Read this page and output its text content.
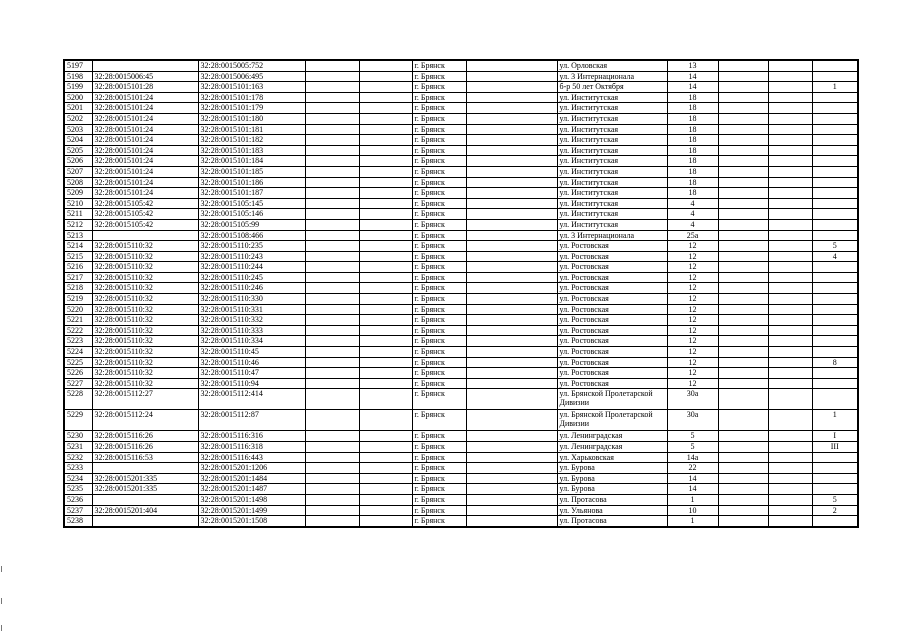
5197		32:28:0015005:752			г. Брянск		ул. Орловская	13			
5198	32:28:0015006:45	32:28:0015006:495			г. Брянск		ул. 3 Интернационала	14			
5199	32:28:0015101:28	32:28:0015101:163			г. Брянск		б-р 50 лет Октября	14			1
5200	32:28:0015101:24	32:28:0015101:178			г. Брянск		ул. Институтская	18			
5201	32:28:0015101:24	32:28:0015101:179			г. Брянск		ул. Институтская	18			
5202	32:28:0015101:24	32:28:0015101:180			г. Брянск		ул. Институтская	18			
5203	32:28:0015101:24	32:28:0015101:181			г. Брянск		ул. Институтская	18			
5204	32:28:0015101:24	32:28:0015101:182			г. Брянск		ул. Институтская	18			
5205	32:28:0015101:24	32:28:0015101:183			г. Брянск		ул. Институтская	18			
5206	32:28:0015101:24	32:28:0015101:184			г. Брянск		ул. Институтская	18			
5207	32:28:0015101:24	32:28:0015101:185			г. Брянск		ул. Институтская	18			
5208	32:28:0015101:24	32:28:0015101:186			г. Брянск		ул. Институтская	18			
5209	32:28:0015101:24	32:28:0015101:187			г. Брянск		ул. Институтская	18			
5210	32:28:0015105:42	32:28:0015105:145			г. Брянск		ул. Институтская	4			
5211	32:28:0015105:42	32:28:0015105:146			г. Брянск		ул. Институтская	4			
5212	32:28:0015105:42	32:28:0015105:99			г. Брянск		ул. Институтская	4			
5213		32:28:0015108:466			г. Брянск		ул. 3 Интернационала	25а			
5214	32:28:0015110:32	32:28:0015110:235			г. Брянск		ул. Ростовская	12			5
5215	32:28:0015110:32	32:28:0015110:243			г. Брянск		ул. Ростовская	12			4
5216	32:28:0015110:32	32:28:0015110:244			г. Брянск		ул. Ростовская	12			
5217	32:28:0015110:32	32:28:0015110:245			г. Брянск		ул. Ростовская	12			
5218	32:28:0015110:32	32:28:0015110:246			г. Брянск		ул. Ростовская	12			
5219	32:28:0015110:32	32:28:0015110:330			г. Брянск		ул. Ростовская	12			
5220	32:28:0015110:32	32:28:0015110:331			г. Брянск		ул. Ростовская	12			
5221	32:28:0015110:32	32:28:0015110:332			г. Брянск		ул. Ростовская	12			
5222	32:28:0015110:32	32:28:0015110:333			г. Брянск		ул. Ростовская	12			
5223	32:28:0015110:32	32:28:0015110:334			г. Брянск		ул. Ростовская	12			
5224	32:28:0015110:32	32:28:0015110:45			г. Брянск		ул. Ростовская	12			
5225	32:28:0015110:32	32:28:0015110:46			г. Брянск		ул. Ростовская	12			8
5226	32:28:0015110:32	32:28:0015110:47			г. Брянск		ул. Ростовская	12			
5227	32:28:0015110:32	32:28:0015110:94			г. Брянск		ул. Ростовская	12			
5228	32:28:0015112:27	32:28:0015112:414			г. Брянск		ул. Брянской Пролетарской Дивизии	30а			
5229	32:28:0015112:24	32:28:0015112:87			г. Брянск		ул. Брянской Пролетарской Дивизии	30а			1
5230	32:28:0015116:26	32:28:0015116:316			г. Брянск		ул. Ленинградская	5			I
5231	32:28:0015116:26	32:28:0015116:318			г. Брянск		ул. Ленинградская	5			III
5232	32:28:0015116:53	32:28:0015116:443			г. Брянск		ул. Харьковская	14а			
5233		32:28:0015201:1206			г. Брянск		ул. Бурова	22			
5234	32:28:0015201:335	32:28:0015201:1484			г. Брянск		ул. Бурова	14			
5235	32:28:0015201:335	32:28:0015201:1487			г. Брянск		ул. Бурова	14			
5236		32:28:0015201:1498			г. Брянск		ул. Протасова	1			5
5237	32:28:0015201:404	32:28:0015201:1499			г. Брянск		ул. Ульянова	10			2
5238		32:28:0015201:1508			г. Брянск		ул. Протасова	1			
